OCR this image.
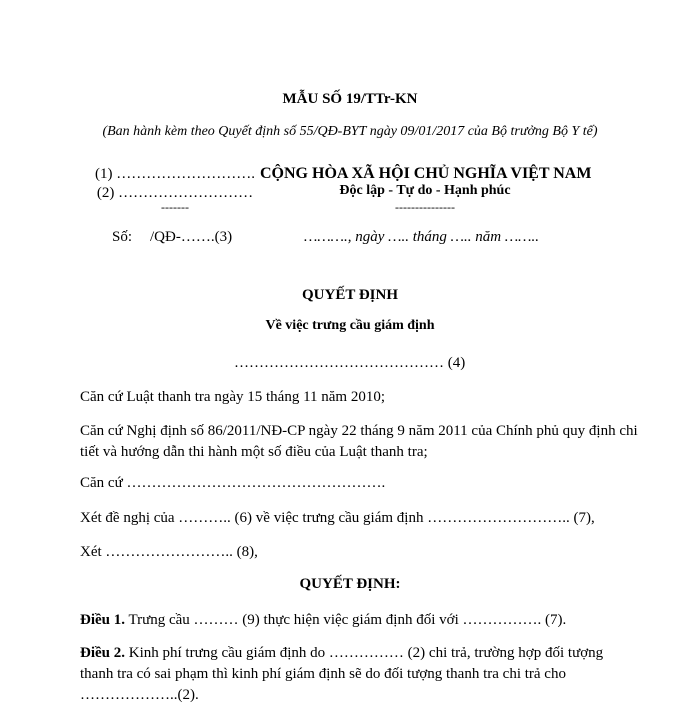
MẪU SỐ 19/TTr-KN
(Ban hành kèm theo Quyết định số 55/QĐ-BYT ngày 09/01/2017 của Bộ trưởng Bộ Y tế)
(1) ……………………….
(2) ………………………
-------
CỘNG HÒA XÃ HỘI CHỦ NGHĨA VIỆT NAM
Độc lập - Tự do - Hạnh phúc
---------------
Số: /QĐ-…….(3)	………., ngày ….. tháng ….. năm ……..
QUYẾT ĐỊNH
Về việc trưng cầu giám định
…………………………………… (4)
Căn cứ Luật thanh tra ngày 15 tháng 11 năm 2010;
Căn cứ Nghị định số 86/2011/NĐ-CP ngày 22 tháng 9 năm 2011 của Chính phủ quy định chi tiết và hướng dẫn thi hành một số điều của Luật thanh tra;
Căn cứ …………………………………………….
Xét đề nghị của ……….. (6) về việc trưng cầu giám định ……………………….. (7),
Xét …………………….. (8),
QUYẾT ĐỊNH:
Điều 1. Trưng cầu ……… (9) thực hiện việc giám định đối với ……………. (7).
Điều 2. Kinh phí trưng cầu giám định do …………… (2) chi trả, trường hợp đối tượng thanh tra có sai phạm thì kinh phí giám định sẽ do đối tượng thanh tra chi trả cho ………………..(2).
